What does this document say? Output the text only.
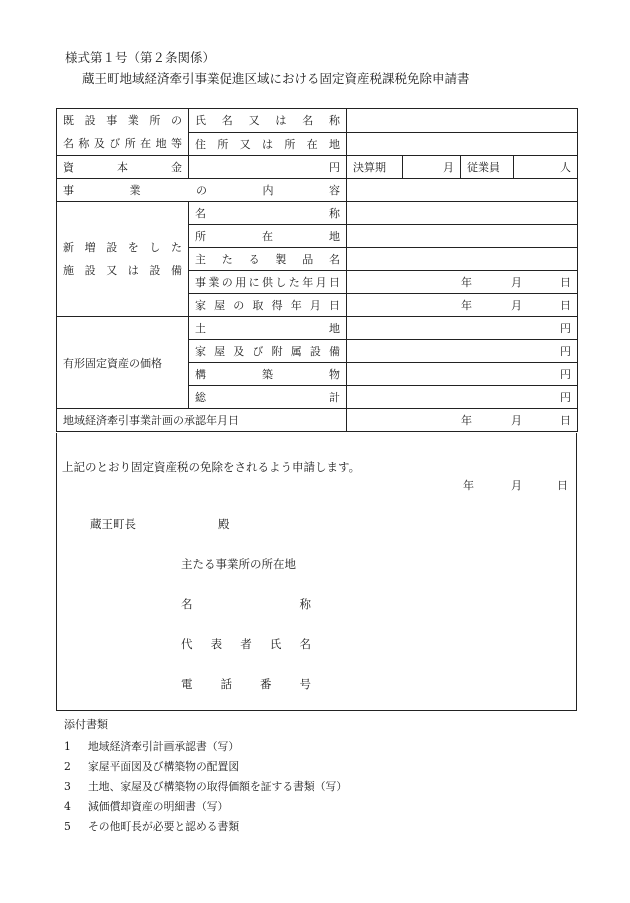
様式第１号（第２条関係）
蔵王町地域経済牽引事業促進区域における固定資産税課税免除申請書
既設事業所の
名称及び所在地等	氏名又は名称				
	住所又は所在地				
資本金	円	決算期	月	従業員	人
事業の内容					
新増設をした
施設又は設備	名称				
	所在地				
	主たる製品名				
	事業の用に供した年月日	年 月 日			

	家屋の取得年月日	年 月 日			

有形固定資産の価格	土地	円			
	家屋及び附属設備	円			
	構築物	円			
	総計	円			
地域経済牽引事業計画の承認年月日		年 月 日			
上記のとおり固定資産税の免除をされるよう申請します。
年	月	日
蔵王町長	殿
主たる事業所の所在地
名	称
代 表 者 氏 名
電 話 番 号
添付書類
1 地域経済牽引計画承認書（写）
2 家屋平面図及び構築物の配置図
3 土地、家屋及び構築物の取得価額を証する書類（写）
4 減価償却資産の明細書（写）
5 その他町長が必要と認める書類
